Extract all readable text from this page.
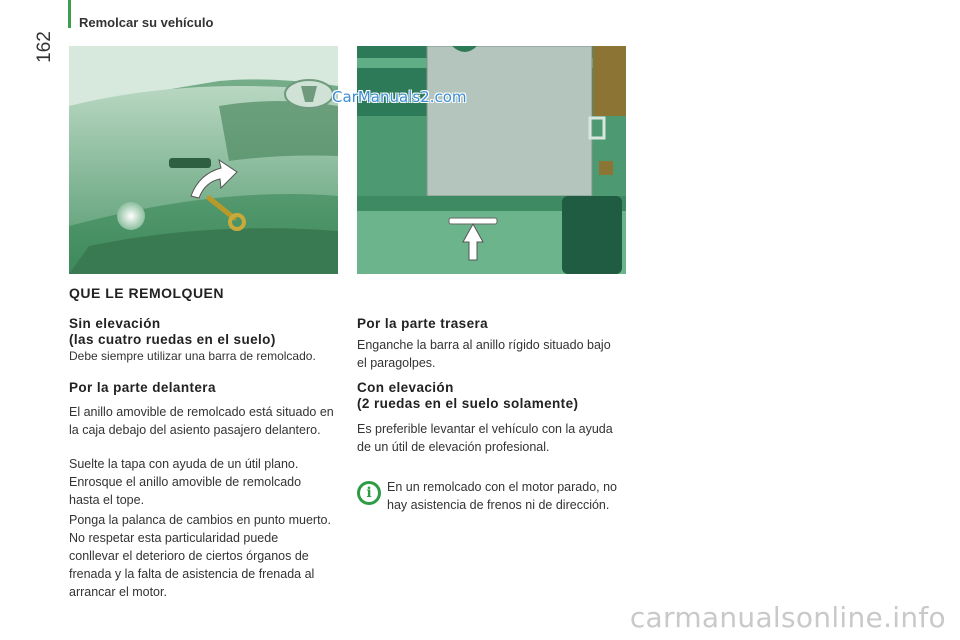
162
Remolcar su vehículo
CarManuals2.com
QUE LE REMOLQUEN
Sin elevación
(las cuatro ruedas en el suelo)
Debe siempre utilizar una barra de remolcado.
Por la parte delantera
El anillo amovible de remolcado está situado en la caja debajo del asiento pasajero delantero.
Suelte la tapa con ayuda de un útil plano.
Enrosque el anillo amovible de remolcado hasta el tope.
Ponga la palanca de cambios en punto muerto. No respetar esta particularidad puede conllevar el deterioro de ciertos órganos de frenada y la falta de asistencia de frenada al arrancar el motor.
Por la parte trasera
Enganche la barra al anillo rígido situado bajo el paragolpes.
Con elevación
(2 ruedas en el suelo solamente)
Es preferible levantar el vehículo con la ayuda de un útil de elevación profesional.
i	En un remolcado con el motor parado, no hay asistencia de frenos ni de dirección.
carmanualsonline.info
